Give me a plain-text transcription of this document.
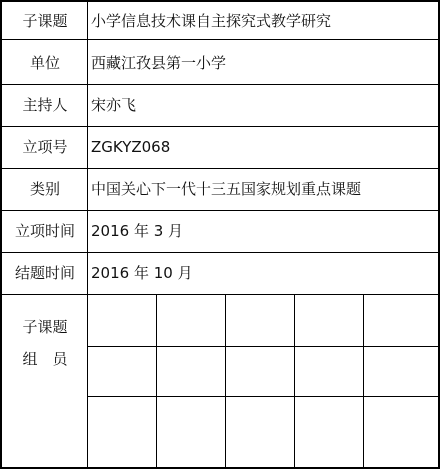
子课题	小学信息技术课自主探究式教学研究
单位	西藏江孜县第一小学
主持人	宋亦飞
立项号	ZGKYZ068
类别	中国关心下一代十三五国家规划重点课题
立项时间	2016 年 3 月
结题时间	2016 年 10 月
子课题
组　员
